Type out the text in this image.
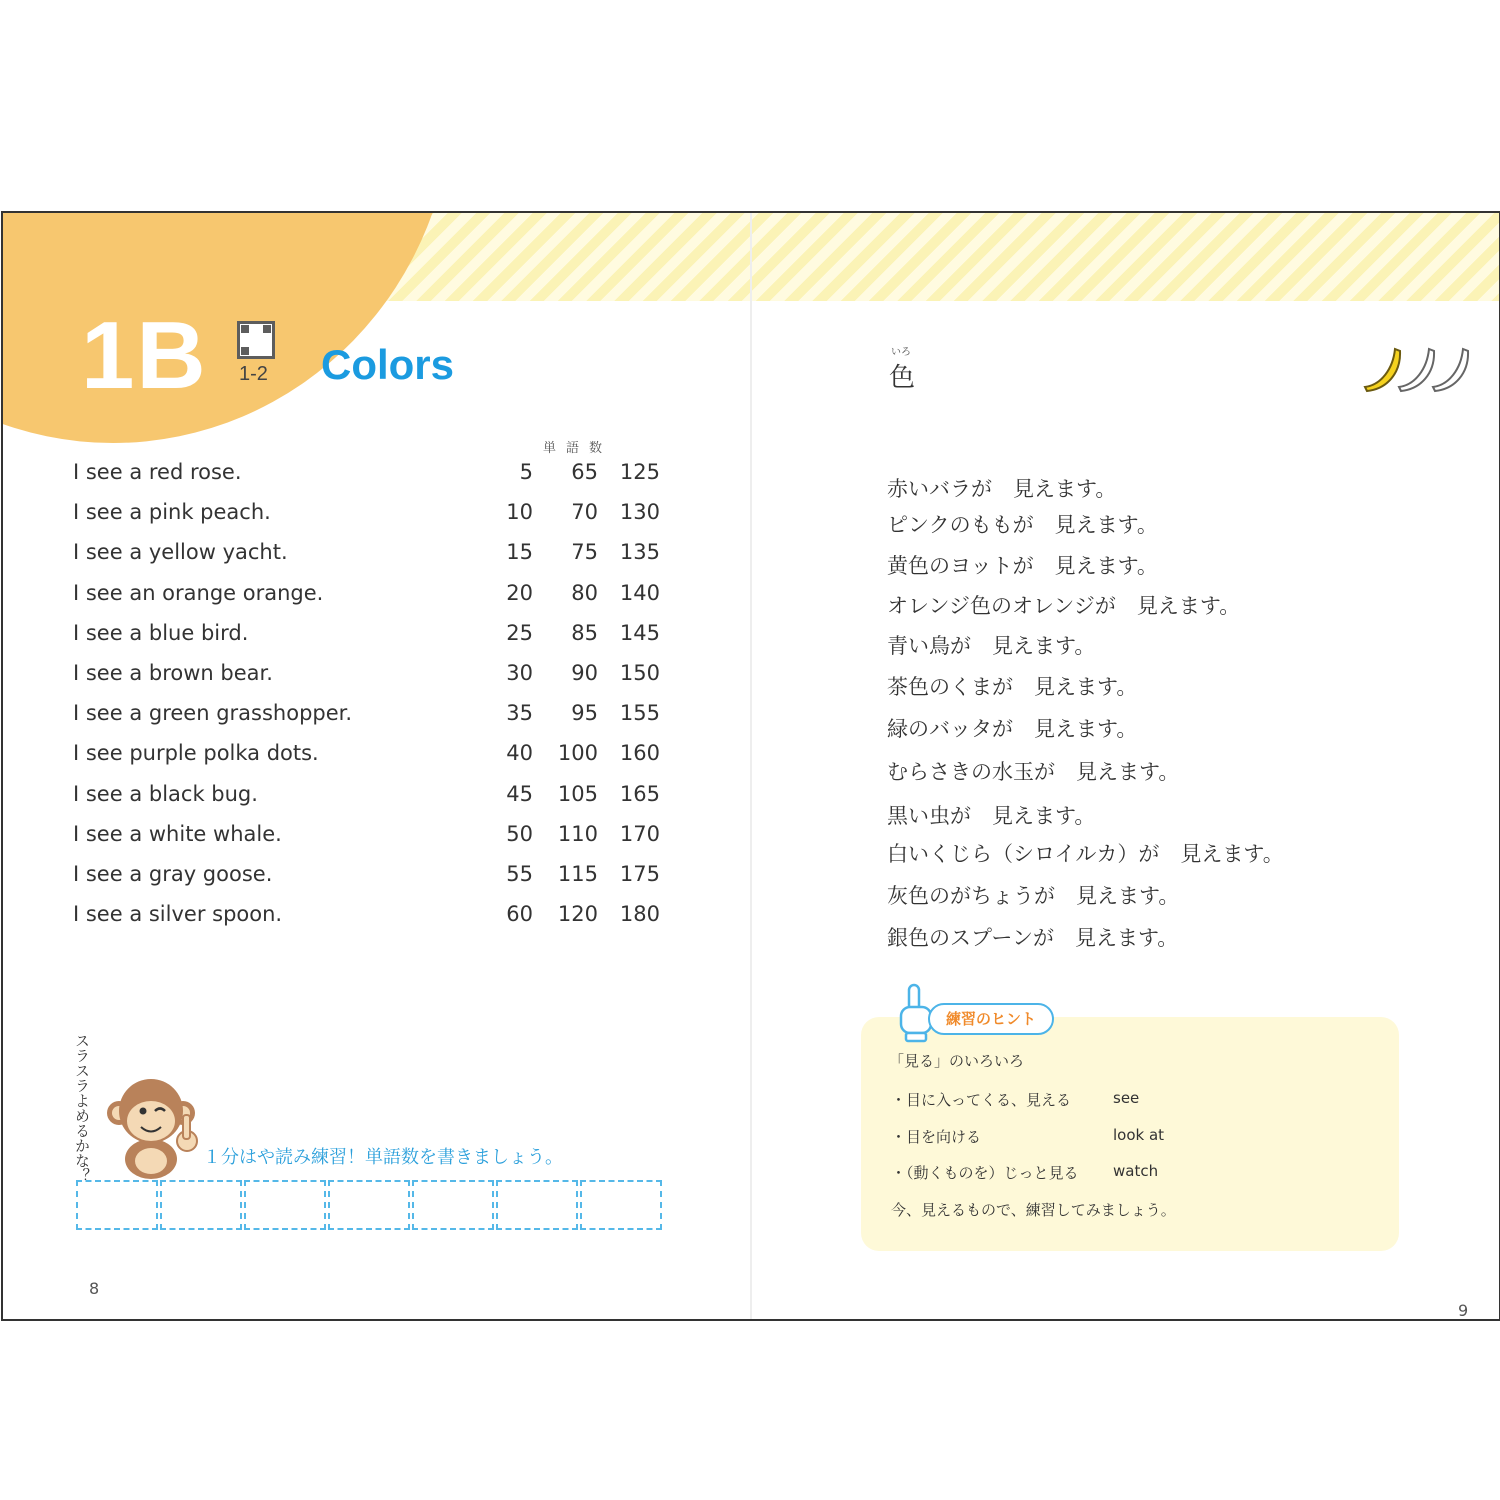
1B 1-2 Colors
単語数
I see a red rose.	5	65	125
I see a pink peach.	10	70	130
I see a yellow yacht.	15	75	135
I see an orange orange.	20	80	140
I see a blue bird.	25	85	145
I see a brown bear.	30	90	150
I see a green grasshopper.	35	95	155
I see purple polka dots.	40	100	160
I see a black bug.	45	105	165
I see a white whale.	50	110	170
I see a gray goose.	55	115	175
I see a silver spoon.	60	120	180
スラスラよめるかな？	１分はや読み練習！単語数を書きましょう。
8
いろ
色
赤いバラが　見えます。
ピンクのももが　見えます。
黄色のヨットが　見えます。
オレンジ色のオレンジが　見えます。
青い鳥が　見えます。
茶色のくまが　見えます。
緑のバッタが　見えます。
むらさきの水玉が　見えます。
黒い虫が　見えます。
白いくじら（シロイルカ）が　見えます。
灰色のがちょうが　見えます。
銀色のスプーンが　見えます。
練習のヒント
「見る」のいろいろ
・目に入ってくる、見える	see
・目を向ける	look at
・（動くものを）じっと見る watch
今、見えるもので、練習してみましょう。
9
